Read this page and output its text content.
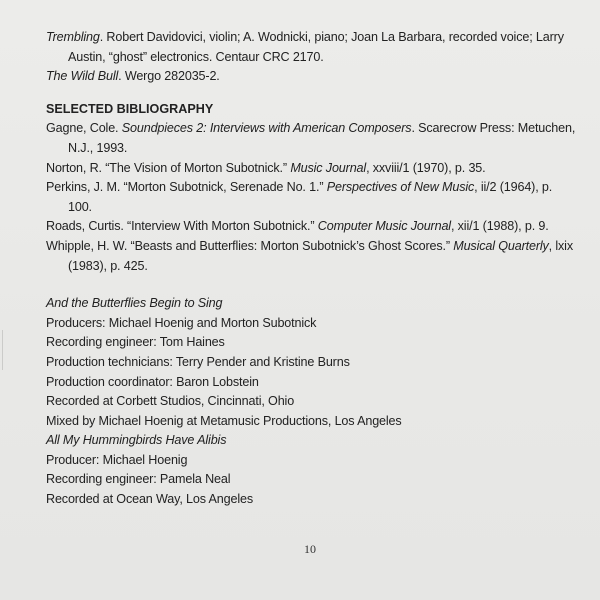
Trembling. Robert Davidovici, violin; A. Wodnicki, piano; Joan La Barbara, recorded voice; Larry Austin, “ghost” electronics. Centaur CRC 2170.

The Wild Bull. Wergo 282035-2.

SELECTED BIBLIOGRAPHY

Gagne, Cole. Soundpieces 2: Interviews with American Composers. Scarecrow Press: Metuchen, N.J., 1993.

Norton, R. “The Vision of Morton Subotnick.” Music Journal, xxviii/1 (1970), p. 35.

Perkins, J. M. “Morton Subotnick, Serenade No. 1.” Perspectives of New Music, ii/2 (1964), p. 100.

Roads, Curtis. “Interview With Morton Subotnick.” Computer Music Journal, xii/1 (1988), p. 9.

Whipple, H. W. “Beasts and Butterflies: Morton Subotnick’s Ghost Scores.” Musical Quarterly, lxix (1983), p. 425.

And the Butterflies Begin to Sing

Producers: Michael Hoenig and Morton Subotnick

Recording engineer: Tom Haines

Production technicians: Terry Pender and Kristine Burns

Production coordinator: Baron Lobstein

Recorded at Corbett Studios, Cincinnati, Ohio

Mixed by Michael Hoenig at Metamusic Productions, Los Angeles

All My Hummingbirds Have Alibis

Producer: Michael Hoenig

Recording engineer: Pamela Neal

Recorded at Ocean Way, Los Angeles

10
